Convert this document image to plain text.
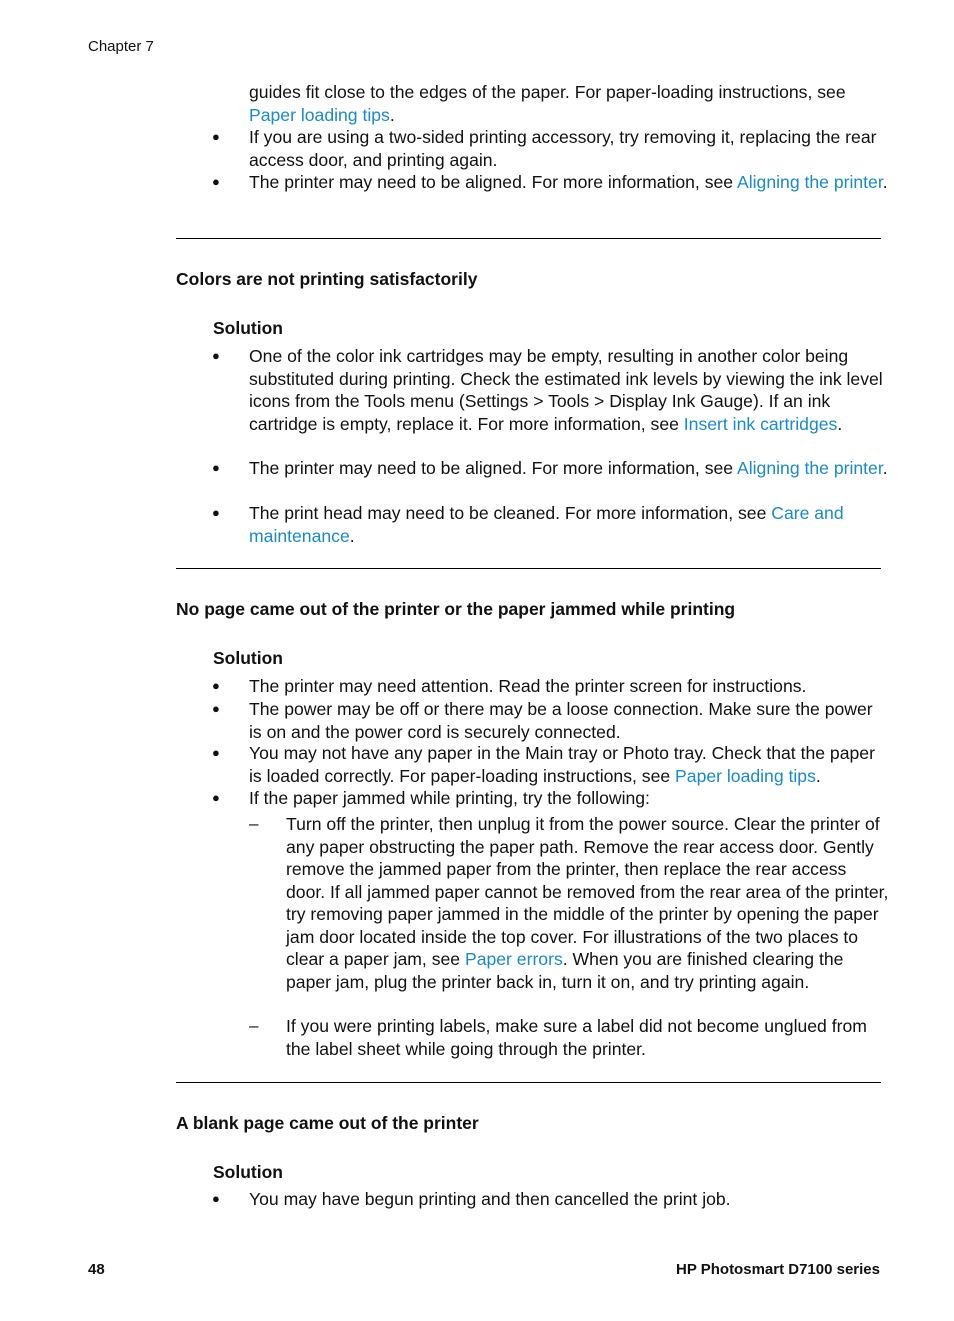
Chapter 7
guides fit close to the edges of the paper. For paper-loading instructions, see Paper loading tips.
● If you are using a two-sided printing accessory, try removing it, replacing the rear access door, and printing again.
● The printer may need to be aligned. For more information, see Aligning the printer.
Colors are not printing satisfactorily
Solution
● One of the color ink cartridges may be empty, resulting in another color being substituted during printing. Check the estimated ink levels by viewing the ink level icons from the Tools menu (Settings > Tools > Display Ink Gauge). If an ink cartridge is empty, replace it. For more information, see Insert ink cartridges.
● The printer may need to be aligned. For more information, see Aligning the printer.
● The print head may need to be cleaned. For more information, see Care and maintenance.
No page came out of the printer or the paper jammed while printing
Solution
● The printer may need attention. Read the printer screen for instructions.
● The power may be off or there may be a loose connection. Make sure the power is on and the power cord is securely connected.
● You may not have any paper in the Main tray or Photo tray. Check that the paper is loaded correctly. For paper-loading instructions, see Paper loading tips.
● If the paper jammed while printing, try the following:
– Turn off the printer, then unplug it from the power source. Clear the printer of any paper obstructing the paper path. Remove the rear access door. Gently remove the jammed paper from the printer, then replace the rear access door. If all jammed paper cannot be removed from the rear area of the printer, try removing paper jammed in the middle of the printer by opening the paper jam door located inside the top cover. For illustrations of the two places to clear a paper jam, see Paper errors. When you are finished clearing the paper jam, plug the printer back in, turn it on, and try printing again.
– If you were printing labels, make sure a label did not become unglued from the label sheet while going through the printer.
A blank page came out of the printer
Solution
● You may have begun printing and then cancelled the print job.
48	HP Photosmart D7100 series
